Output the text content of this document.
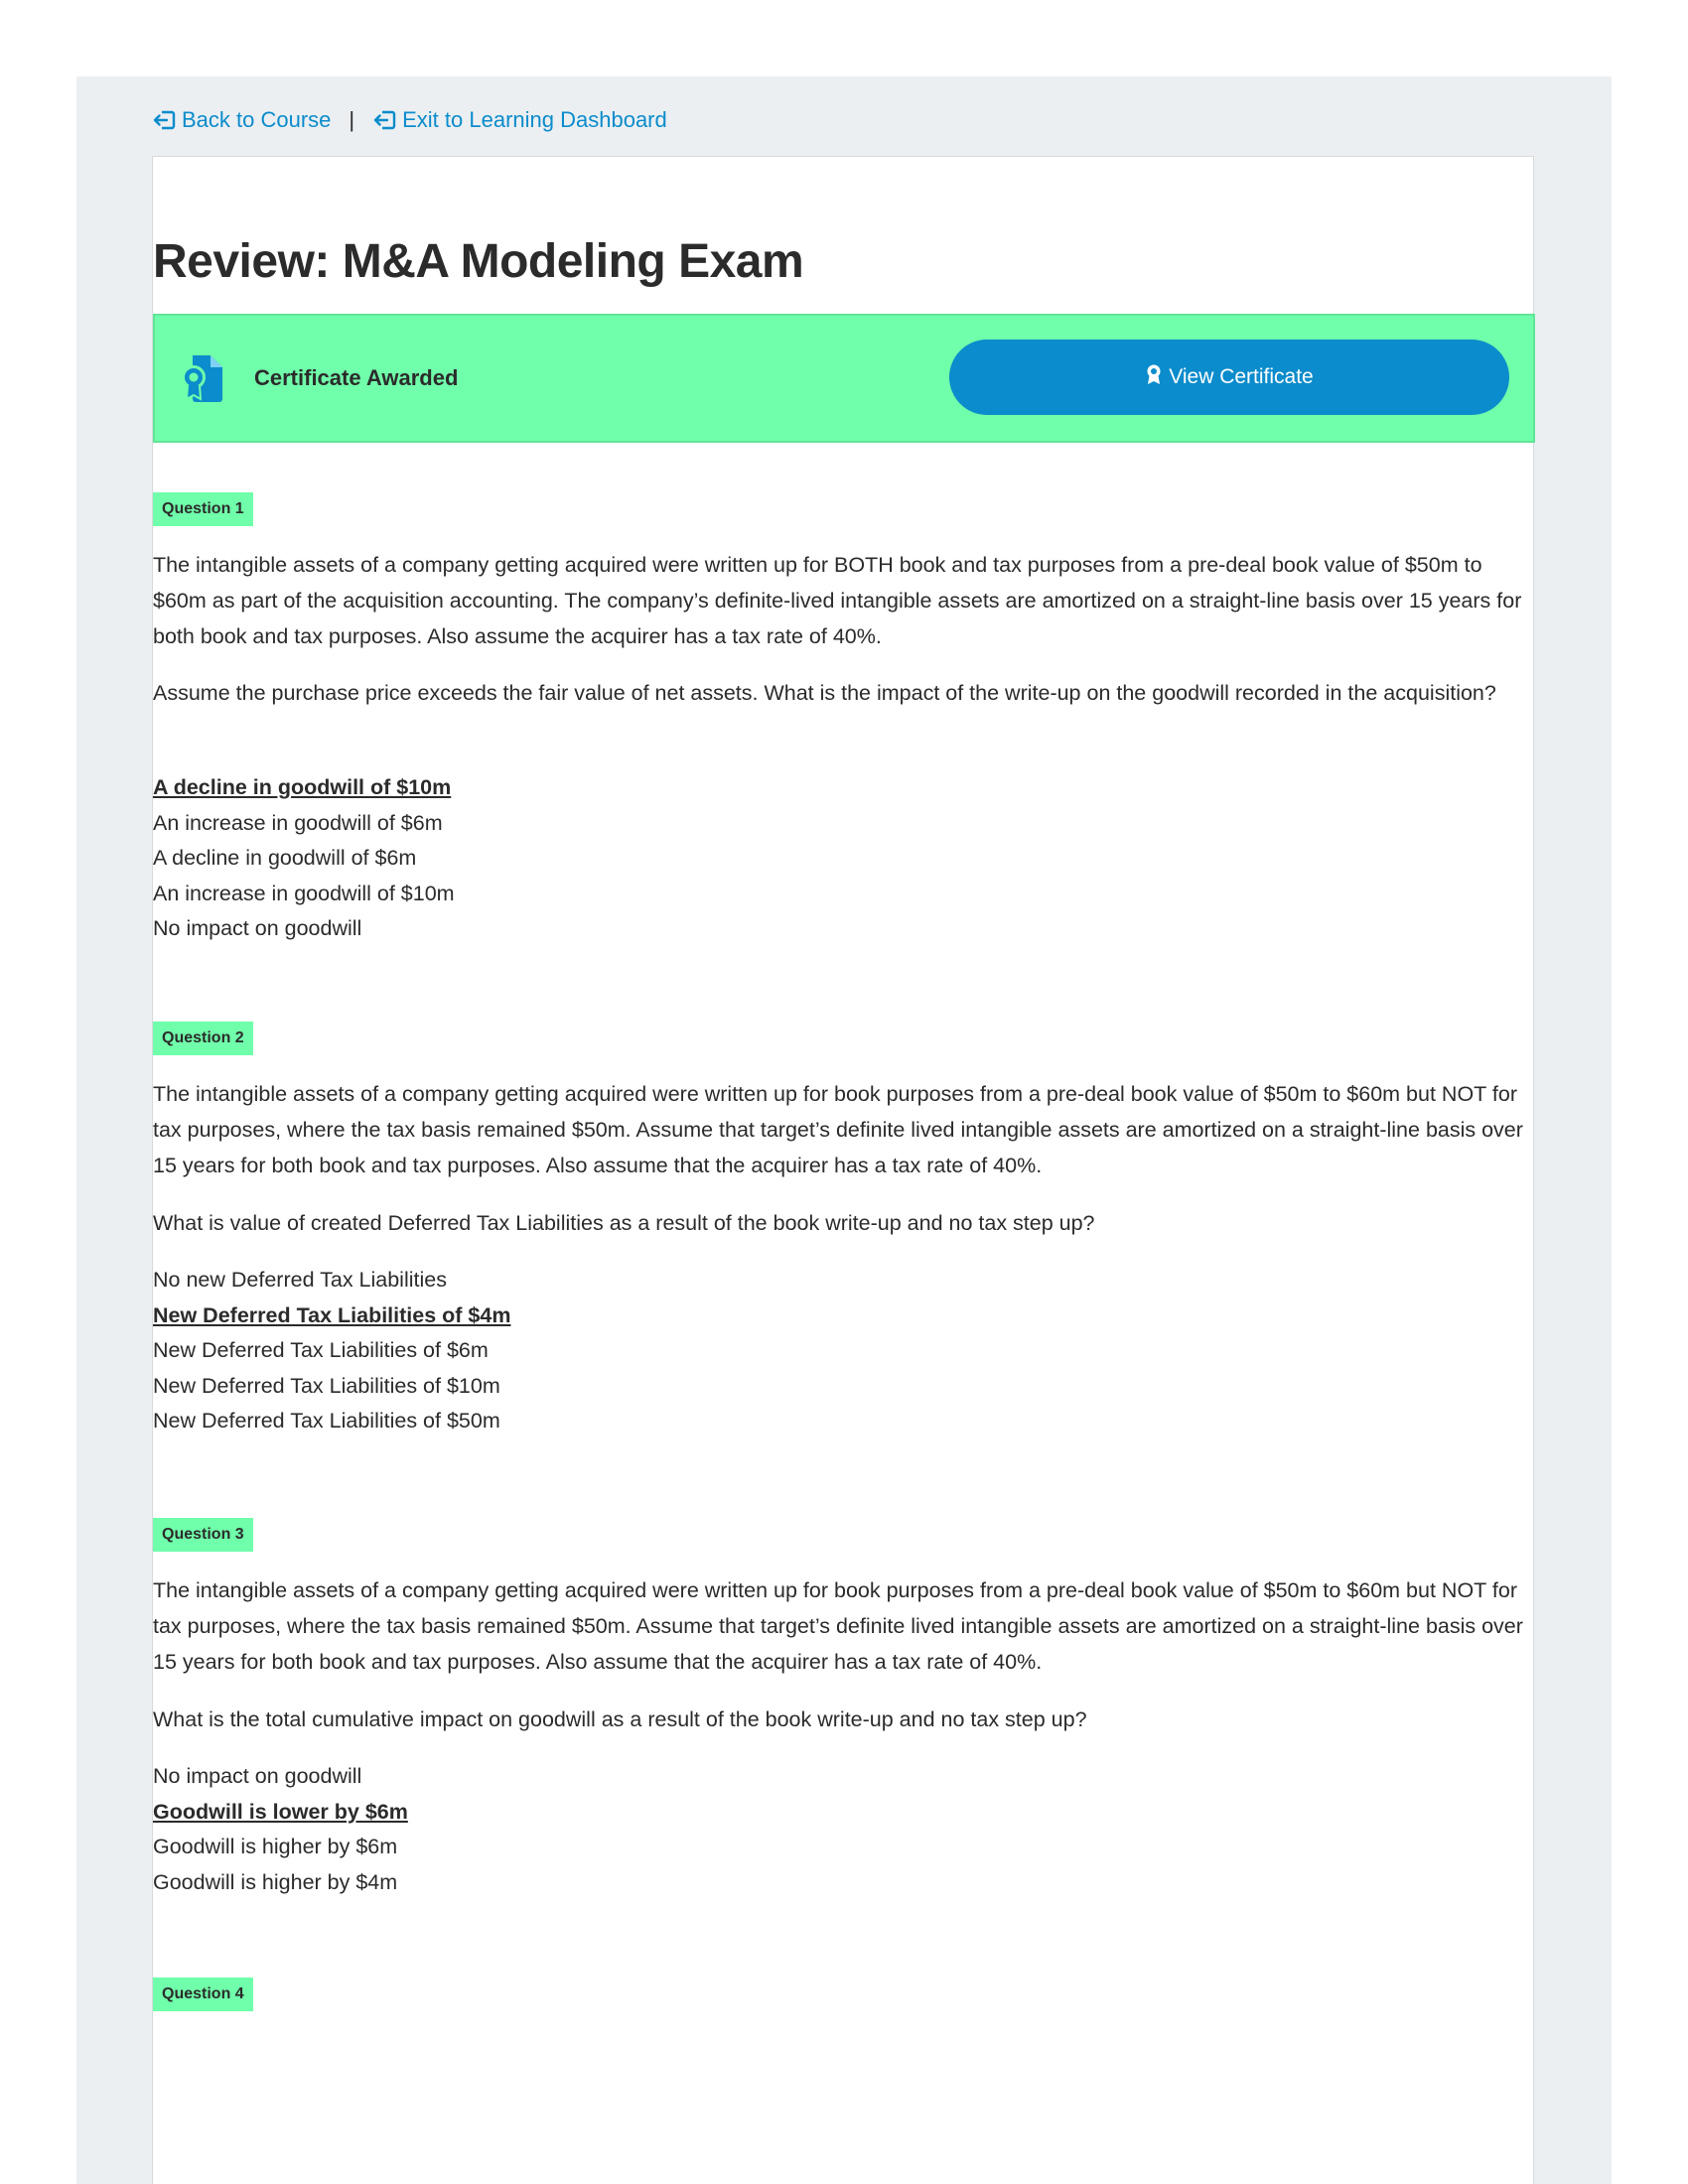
Back to Course | Exit to Learning Dashboard
Review: M&A Modeling Exam
Certificate Awarded	View Certificate
Question 1

The intangible assets of a company getting acquired were written up for BOTH book and tax purposes from a pre-deal book value of $50m to $60m as part of the acquisition accounting. The company’s definite-lived intangible assets are amortized on a straight-line basis over 15 years for both book and tax purposes. Also assume the acquirer has a tax rate of 40%.

Assume the purchase price exceeds the fair value of net assets. What is the impact of the write-up on the goodwill recorded in the acquisition?

A decline in goodwill of $10m
An increase in goodwill of $6m
A decline in goodwill of $6m
An increase in goodwill of $10m
No impact on goodwill
Question 2

The intangible assets of a company getting acquired were written up for book purposes from a pre-deal book value of $50m to $60m but NOT for tax purposes, where the tax basis remained $50m. Assume that target’s definite lived intangible assets are amortized on a straight-line basis over 15 years for both book and tax purposes. Also assume that the acquirer has a tax rate of 40%.

What is value of created Deferred Tax Liabilities as a result of the book write-up and no tax step up?

No new Deferred Tax Liabilities
New Deferred Tax Liabilities of $4m
New Deferred Tax Liabilities of $6m
New Deferred Tax Liabilities of $10m
New Deferred Tax Liabilities of $50m
Question 3

The intangible assets of a company getting acquired were written up for book purposes from a pre-deal book value of $50m to $60m but NOT for tax purposes, where the tax basis remained $50m. Assume that target’s definite lived intangible assets are amortized on a straight-line basis over 15 years for both book and tax purposes. Also assume that the acquirer has a tax rate of 40%.

What is the total cumulative impact on goodwill as a result of the book write-up and no tax step up?

No impact on goodwill
Goodwill is lower by $6m
Goodwill is higher by $6m
Goodwill is higher by $4m
Question 4
